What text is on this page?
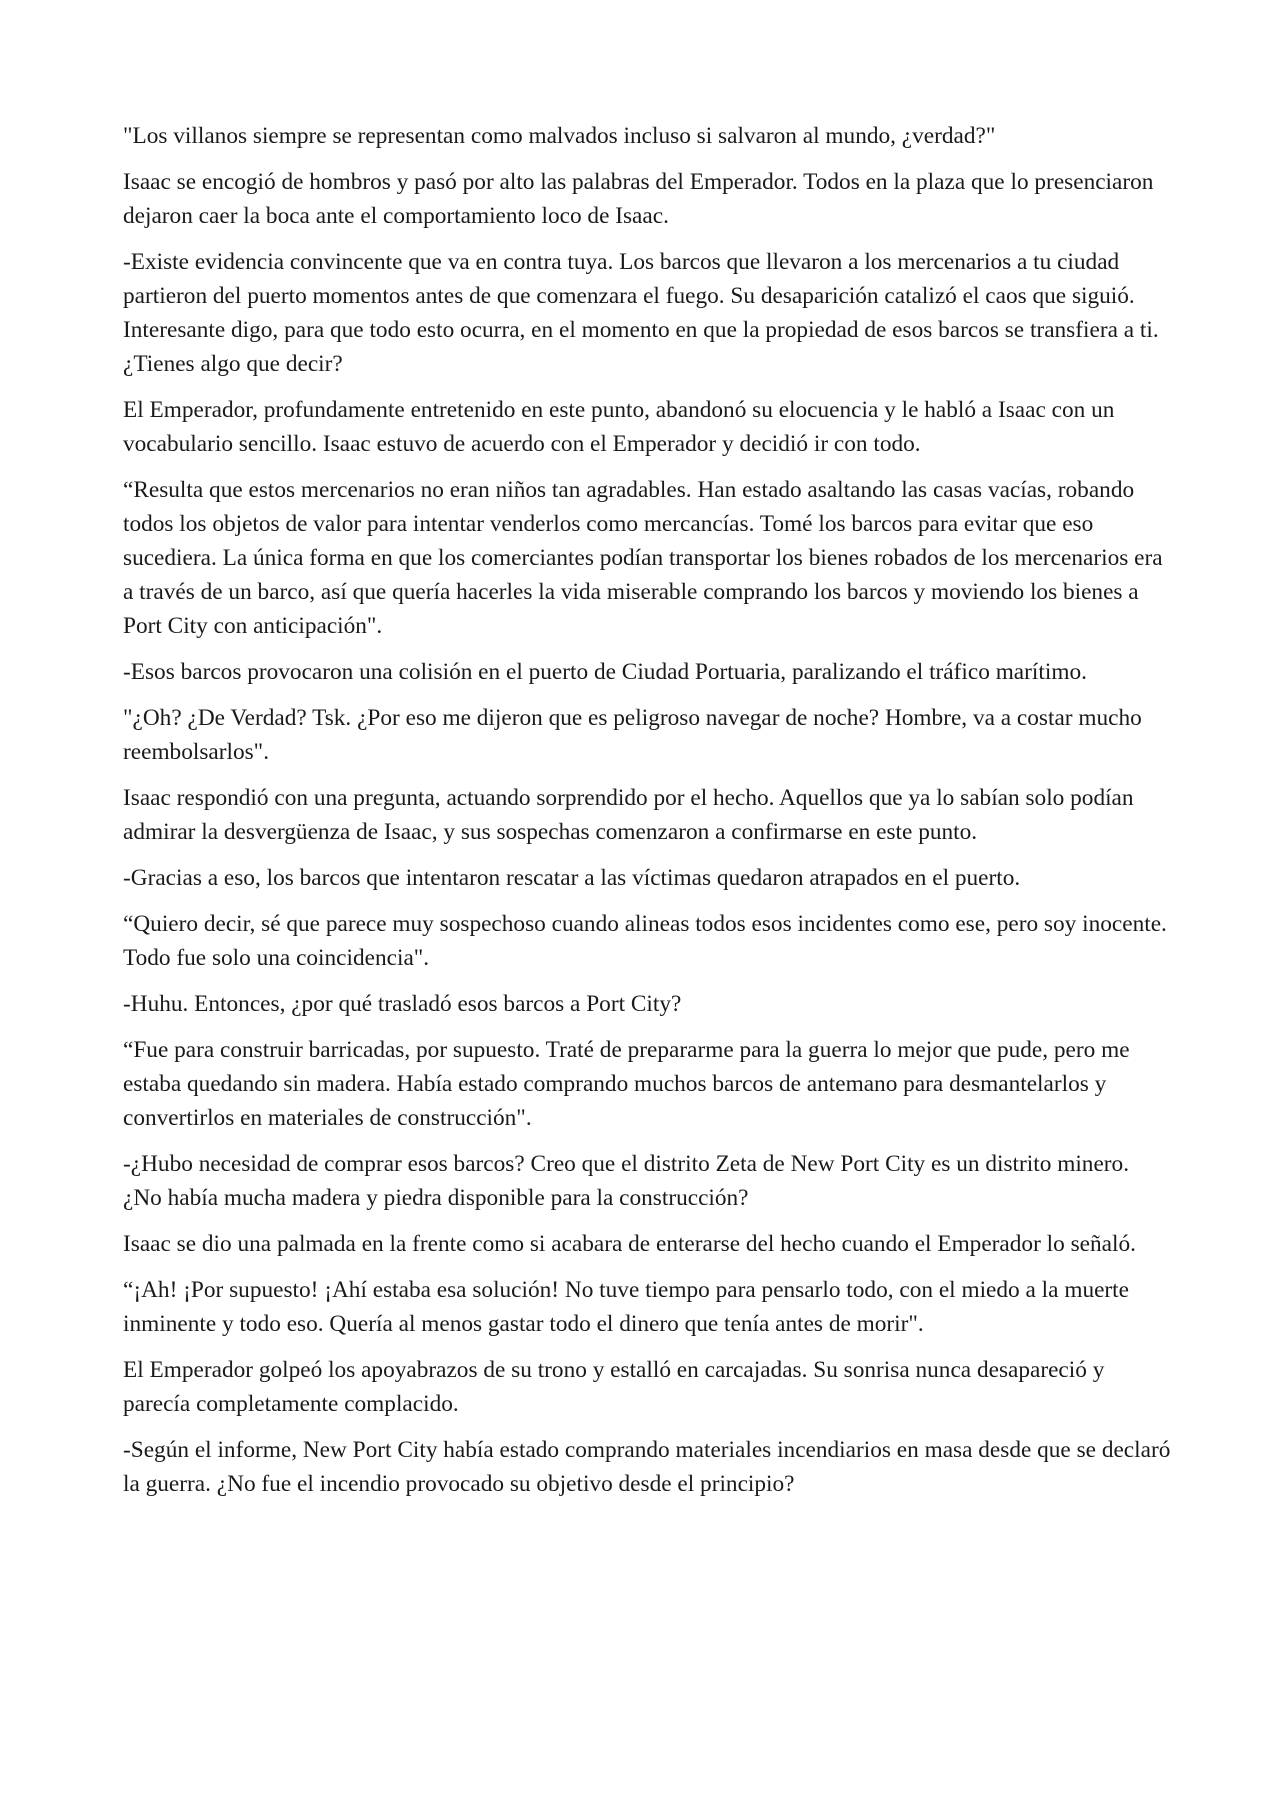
"Los villanos siempre se representan como malvados incluso si salvaron al mundo, ¿verdad?"

Isaac se encogió de hombros y pasó por alto las palabras del Emperador. Todos en la plaza que lo presenciaron dejaron caer la boca ante el comportamiento loco de Isaac.

-Existe evidencia convincente que va en contra tuya. Los barcos que llevaron a los mercenarios a tu ciudad partieron del puerto momentos antes de que comenzara el fuego. Su desaparición catalizó el caos que siguió. Interesante digo, para que todo esto ocurra, en el momento en que la propiedad de esos barcos se transfiera a ti. ¿Tienes algo que decir?

El Emperador, profundamente entretenido en este punto, abandonó su elocuencia y le habló a Isaac con un vocabulario sencillo. Isaac estuvo de acuerdo con el Emperador y decidió ir con todo.

“Resulta que estos mercenarios no eran niños tan agradables. Han estado asaltando las casas vacías, robando todos los objetos de valor para intentar venderlos como mercancías. Tomé los barcos para evitar que eso sucediera. La única forma en que los comerciantes podían transportar los bienes robados de los mercenarios era a través de un barco, así que quería hacerles la vida miserable comprando los barcos y moviendo los bienes a Port City con anticipación".

-Esos barcos provocaron una colisión en el puerto de Ciudad Portuaria, paralizando el tráfico marítimo.

"¿Oh? ¿De Verdad? Tsk. ¿Por eso me dijeron que es peligroso navegar de noche? Hombre, va a costar mucho reembolsarlos".

Isaac respondió con una pregunta, actuando sorprendido por el hecho. Aquellos que ya lo sabían solo podían admirar la desvergüenza de Isaac, y sus sospechas comenzaron a confirmarse en este punto.

-Gracias a eso, los barcos que intentaron rescatar a las víctimas quedaron atrapados en el puerto.

“Quiero decir, sé que parece muy sospechoso cuando alineas todos esos incidentes como ese, pero soy inocente. Todo fue solo una coincidencia".

-Huhu. Entonces, ¿por qué trasladó esos barcos a Port City?

“Fue para construir barricadas, por supuesto. Traté de prepararme para la guerra lo mejor que pude, pero me estaba quedando sin madera. Había estado comprando muchos barcos de antemano para desmantelarlos y convertirlos en materiales de construcción".

-¿Hubo necesidad de comprar esos barcos? Creo que el distrito Zeta de New Port City es un distrito minero. ¿No había mucha madera y piedra disponible para la construcción?

Isaac se dio una palmada en la frente como si acabara de enterarse del hecho cuando el Emperador lo señaló.

“¡Ah! ¡Por supuesto! ¡Ahí estaba esa solución! No tuve tiempo para pensarlo todo, con el miedo a la muerte inminente y todo eso. Quería al menos gastar todo el dinero que tenía antes de morir".

El Emperador golpeó los apoyabrazos de su trono y estalló en carcajadas. Su sonrisa nunca desapareció y parecía completamente complacido.

-Según el informe, New Port City había estado comprando materiales incendiarios en masa desde que se declaró la guerra. ¿No fue el incendio provocado su objetivo desde el principio?
